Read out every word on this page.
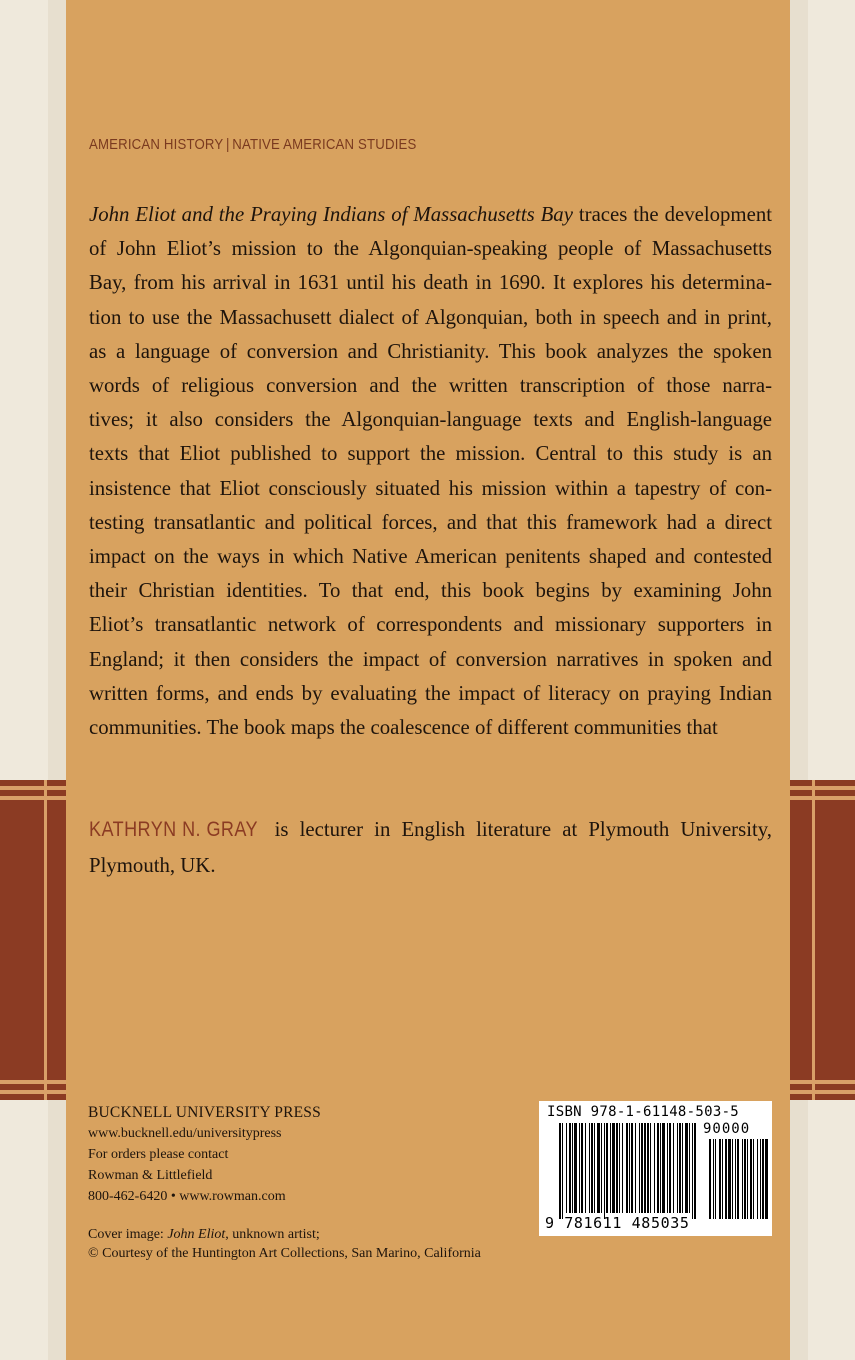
AMERICAN HISTORY | NATIVE AMERICAN STUDIES
John Eliot and the Praying Indians of Massachusetts Bay traces the development
of John Eliot’s mission to the Algonquian-speaking people of Massachusetts
Bay, from his arrival in 1631 until his death in 1690. It explores his determina-
tion to use the Massachusett dialect of Algonquian, both in speech and in print,
as a language of conversion and Christianity. This book analyzes the spoken
words of religious conversion and the written transcription of those narra-
tives; it also considers the Algonquian-language texts and English-language
texts that Eliot published to support the mission. Central to this study is an
insistence that Eliot consciously situated his mission within a tapestry of con-
testing transatlantic and political forces, and that this framework had a direct
impact on the ways in which Native American penitents shaped and contested
their Christian identities. To that end, this book begins by examining John
Eliot’s transatlantic network of correspondents and missionary supporters in
England; it then considers the impact of conversion narratives in spoken and
written forms, and ends by evaluating the impact of literacy on praying Indian
communities. The book maps the coalescence of different communities that
KATHRYN N. GRAY is lecturer in English literature at Plymouth University,
Plymouth, UK.
BUCKNELL UNIVERSITY PRESS
www.bucknell.edu/universitypress
For orders please contact
Rowman & Littlefield
800-462-6420 • www.rowman.com
Cover image: John Eliot, unknown artist;
© Courtesy of the Huntington Art Collections, San Marino, California
ISBN 978-1-61148-503-5
90000
9 781611 485035
